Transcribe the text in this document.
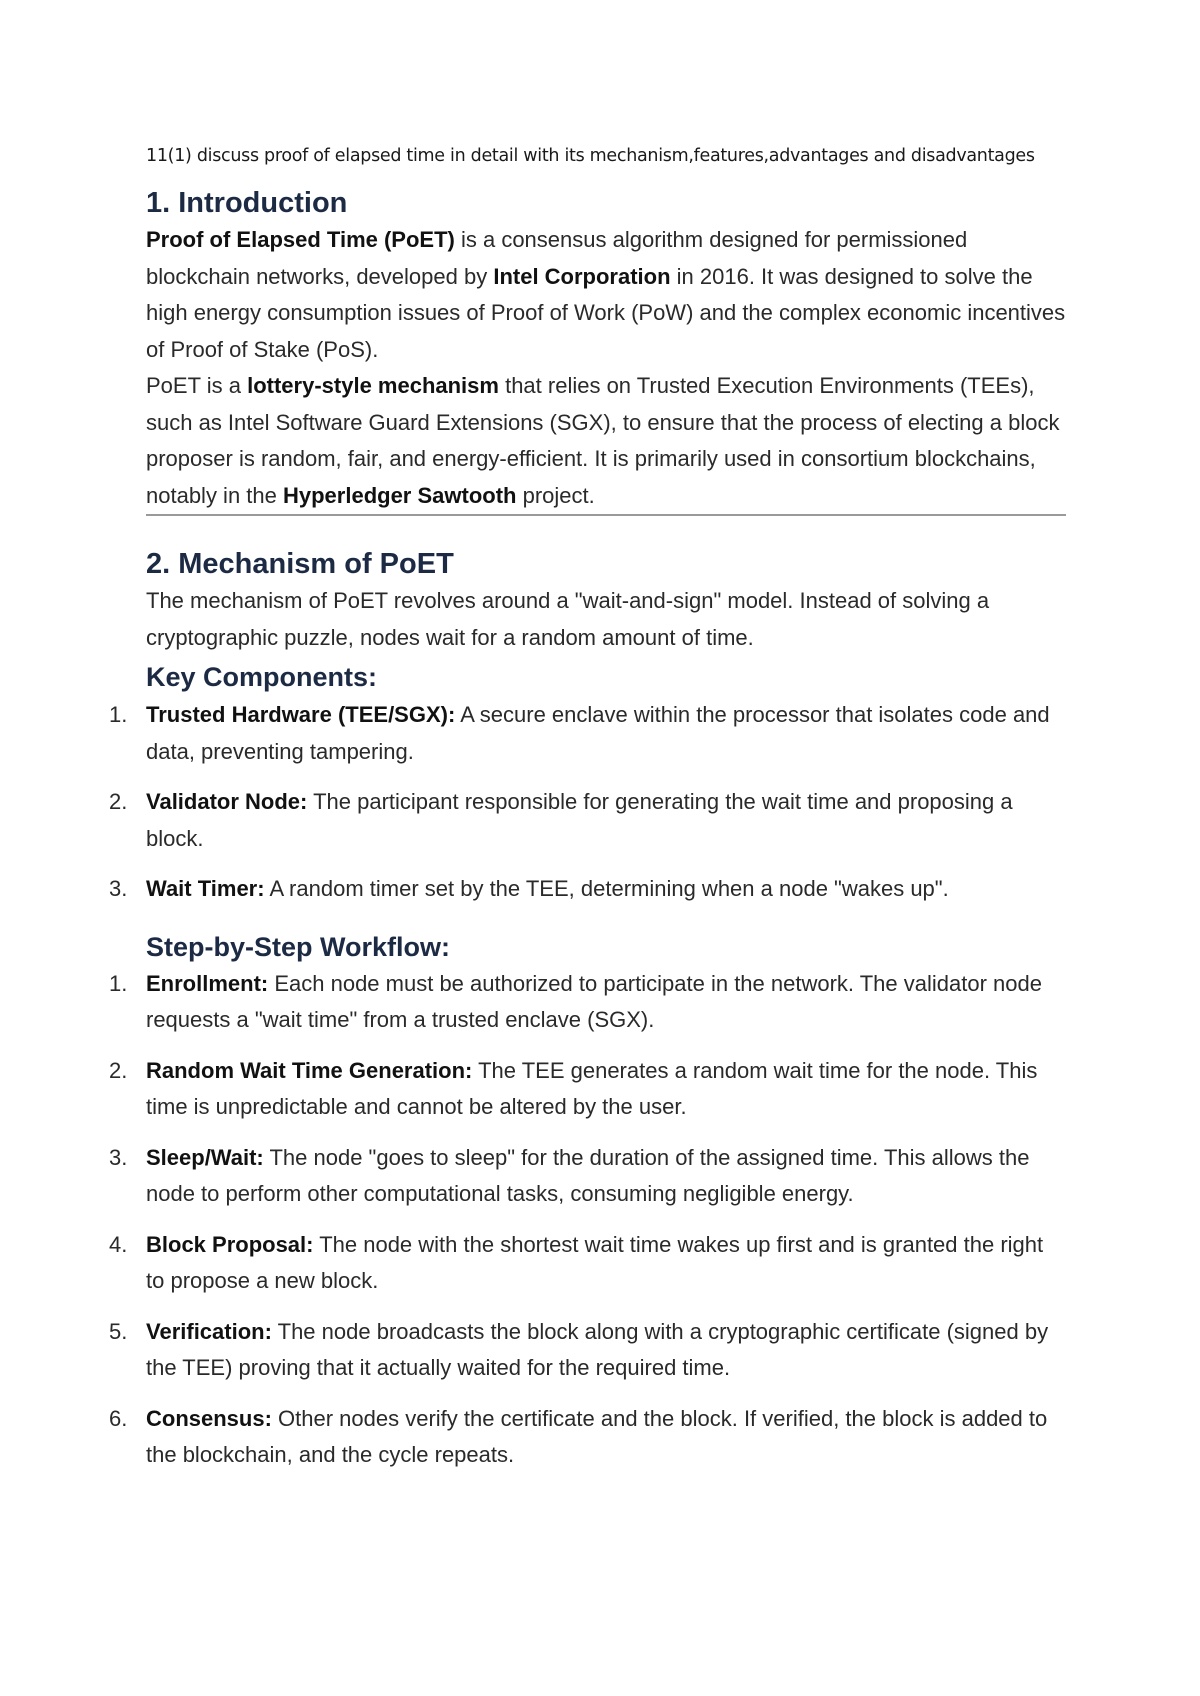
11(1) discuss proof of elapsed time in detail with its mechanism,features,advantages and disadvantages
1. Introduction

Proof of Elapsed Time (PoET) is a consensus algorithm designed for permissioned blockchain networks, developed by Intel Corporation in 2016. It was designed to solve the high energy consumption issues of Proof of Work (PoW) and the complex economic incentives of Proof of Stake (PoS).

PoET is a lottery-style mechanism that relies on Trusted Execution Environments (TEEs), such as Intel Software Guard Extensions (SGX), to ensure that the process of electing a block proposer is random, fair, and energy-efficient. It is primarily used in consortium blockchains, notably in the Hyperledger Sawtooth project.

2. Mechanism of PoET

The mechanism of PoET revolves around a "wait-and-sign" model. Instead of solving a cryptographic puzzle, nodes wait for a random amount of time.

Key Components:
1. Trusted Hardware (TEE/SGX): A secure enclave within the processor that isolates code and data, preventing tampering.
2. Validator Node: The participant responsible for generating the wait time and proposing a block.
3. Wait Timer: A random timer set by the TEE, determining when a node "wakes up".
Step-by-Step Workflow:
1. Enrollment: Each node must be authorized to participate in the network. The validator node requests a "wait time" from a trusted enclave (SGX).
2. Random Wait Time Generation: The TEE generates a random wait time for the node. This time is unpredictable and cannot be altered by the user.
3. Sleep/Wait: The node "goes to sleep" for the duration of the assigned time. This allows the node to perform other computational tasks, consuming negligible energy.
4. Block Proposal: The node with the shortest wait time wakes up first and is granted the right to propose a new block.
5. Verification: The node broadcasts the block along with a cryptographic certificate (signed by the TEE) proving that it actually waited for the required time.
6. Consensus: Other nodes verify the certificate and the block. If verified, the block is added to the blockchain, and the cycle repeats.
